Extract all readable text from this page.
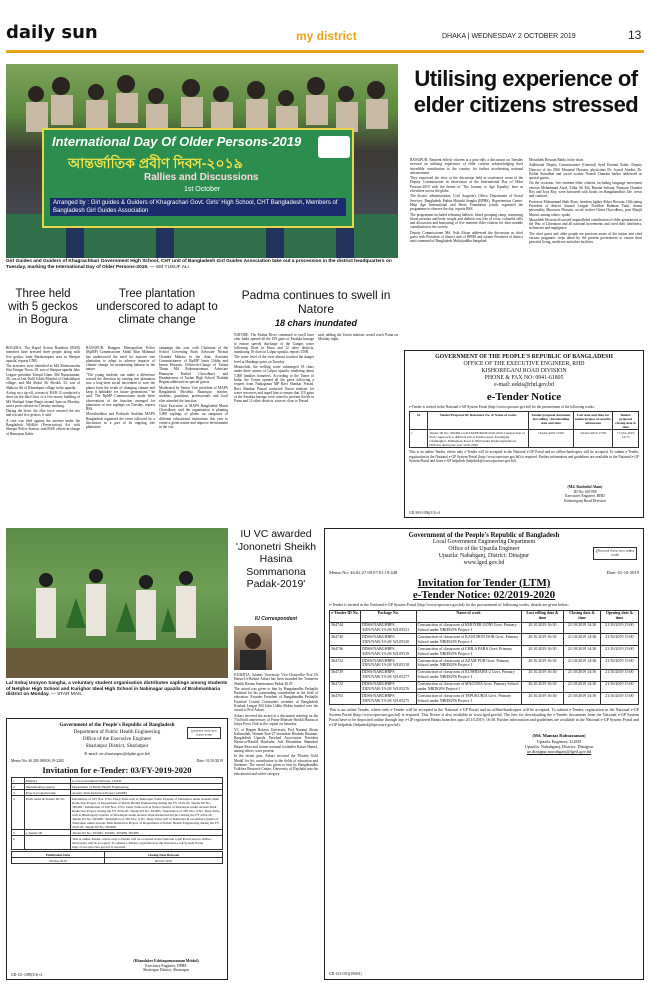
daily sun	my district	DHAKA | WEDNESDAY 2 OCTOBER 2019	13
International Day Of Older Persons-2019
আন্তর্জাতিক প্রবীণ দিবস-২০১৯
Rallies and Discussions
1st October
Arranged by : Girl guides & Guiders of Khagrachari Govt. Girls' High School, CHT Bangladesh, Members of Bangladesh Girl Guides Association
Girl Guides and Guiders of Khagrachhari Government High School, CHT unit of Bangladesh Girl Guides Association take out a procession in the district headquarters on Tuesday, marking the International Day of Older Persons-2019. — SM YUSUF ALI
Utilising experience of elder citizens stressed

RANGPUR: Eminent elderly citizens at a post-rally a discussion on Tuesday stressed on utilising experience of elder citizens acknowledging their incredible contribution to the country for further accelerating national advancement.

They expressed the view at the discussion held at conference room of the Deputy Commissioner in observance of the International Day of Older Persons-2019 with the theme of 'The Journey to Age Equality' here as elsewhere across the globe.

The district administration, Civil Surgeon's Office, Department of Social Services, Bangladesh Prabin Hitaishi Sangha (BPHS), Hypertension Centre, Help Age International and Shere Foundation jointly organised the programme to observe the day, reports BSS.

The programme included releasing balloon, blood grouping camp, measuring blood pressure and body weight and diabetic test free of costs, colourful rally and discussion and honouring of five eminent elder citizens for their notable contribution to the society.

Deputy Commissioner Md. Asib Ahsan addressed the discussion as chief guest with President of district unit of BPHS and former President of district unit command of Bangladesh Muktijoddha Sangshad

Mosaddek Hossain Bablu in the chair.

Additional Deputy Commissioner (General) Syed Enamul Kabir, Deputy Director of the DSS Mosarraf Hossain, physicians Dr. Joynal Abedin, Dr. Probal Sutradhar and social worker Naresh Chandra Sarker addressed as special guests.

On the occasion, five eminent elder citizens, including language movement veteran Mohammad Afzal, Zillur Ali Edi, Basona Sultana, Narayan Chandra Roy and Joya Roy, were honoured with books on Bangabandhu's life, crests and citations.

Professor Mohammad Shah Alam, freedom fighter Abber Hossain, Officiating President of district Journal League Titufikur Rahman Tutul, drama personality Monowar Hossain, social worker Chinu Chowdhury, poet Manjil Murad, among others, spoke.

Mosaddek Hossain discussed unparalleled contribution of elder generations to the War of Liberation and all national movements and cited their loneliness, sicknesses and negligence.

The chief guest and older people are precious assets of the nation and cited various pragmatic steps taken by the present government to ensure their peaceful living, medicare and other facilities.

Three held with 5 geckos in Bogura

BOGURA: The Rapid Action Battalion (RAB) members have arrested three people along with five geckos from Barduarupara area in Sherpur upazila, reports UNB.

The arrestees were identified as Md Shamsuzzoha Situ Teragar Noon, 29, son of Sherpur upazila Jubo League president Tariqul Islam, Md Nuruzzaman, 30, son of late Dalil Uddin Mondal of Chakshibpur village, and Md Abdul Ali Sheikh, 52, son of Shakoor Ali of Khandopur village in the upazila.

Acting on a tip-off, a team of RAB-12 conducted a drive on the third floor of a five-storey building of Md Shafiqul Islam Ranju around 3pm on Monday, said a press release on Tuesday morning.

During the drive, the elite force arrested the trio and rescued five geckos, it said.

A case was filed against the arrestee under the Bangladesh Wildlife (Preservation) Act with Sherpur Police Station, said RAB officer-in-charge of Humayun Kabir.

Tree plantation underscored to adapt to climate change

RANGPUR: Rangpur Metropolitan Police (RpMP) Commissioner Abdul Alim Mahmud has underscored the need for massive tree plantation to adapt to adverse impacts of climate change for maintaining balance in the nature.

"The young students can make a difference toward the direction by turning tree plantation into a long-term social movement to save the planet from the wrath of changing climate and keep it habitable for future generations," he said. The RpMP Commissioner made these observations at the function arranged for plantation of tree saplings on Tuesday, reports BSS.

Moreshatikhar and Porborsh Andolan MAPA Bangladesh organised the event followed by a discussion as a part of its ongoing tree plantation

campaign this year with Chairman of the School Governing Body Advocate Nirmal Chandra Mahato in the chair. Assistant Commissioners of RpMP Jamir Uddin and Imran Hossain, Officer-in-Charge of Tazhat Thana Md. Rokonuzzaman, Advocate Humayun Rashid Chowdhury and Headmistress of Tazhat High School Thahida Begum addressed as special guests.

Moderated by Senior Vice president of MAPA Bangladesh Mosfeka Razzaque, teacher, students, guardians, professionals and local elite attended the function.

Chief Executive of MAPA Bangladesh Munir Chowdhury said the organisation is planting 5,000 saplings of plants on campuses of different educational institutions this year to create a green nature and improve environment in the city.

Padma continues to swell in Natore
18 chars inundated

NATORE: The Padma River continued to swell have after India opened all the 109 gates of Farakka barrage to ensure speedy discharge of the Ganges water following flood in Patna and 12 other districts, inundating 18 chars in Lalpur upazila, reports UNB.

The water level of the river almost touched the danger level at Hardinge point on Tuesday.

Meanwhile, the welling water submerged 18 chars under three unions of Lalpur upazila, rendering about 5,000 families homeless. According to the Times of India, the Centre opened all the gates following a request from Nadjagoum MP Ravi Shankar Prasad. Ravi Shankar Prasad contacted Union minister for water resources and urged him to ensure that 119 gates of the Farakka barrage were raised to prevent floods in Patna and 12 other districts, sources close to Prasad

said, adding the Union minister would reach Patna on Monday night.

GOVERNMENT OF THE PEOPLE'S REPUBLIC OF BANGLADESH
OFFICE OF THE EXECUTIVE ENGINEER, RHD
KISHOREGANJ ROAD DIVISION
PHONE & FAX NO: 0941-61805
e-mail: eekis@rhd.gov.bd
e-Tender Notice
e-Tender is invited in the National e-GP System Portal (http://www.eprocure.gov.bd) for the procurement of the following works.
Sl.	Tender/Proposal ID, Reference No. & Name of works	Tender/proposal document last selling / downloading date and time	Last date and time for tender/propos al security submission	Tender/ proposal closing date & time
1	Tender ID No: 365309 e-GP/LM/EE/KRD/2019-2020 Construction of Ferry Approach at different km of Kishoreganj- Karimganj- Chamtaghat- Mithamoin Road Z-3603 under Kishoreganj Road Division during the year 2019-2020	16-Oct-2019 15:00	16-Oct-2019 17:00	17-Oct-2019 12:15
This is an online Tender, where only e-Tender will be accepted in the National e-GP Portal and no offline/hardcopies will be accepted. To submit e-Tender, registration in the National e-GP System Portal (http://www.eprocure.gov.bd) is required. Further information and guidelines are available in the National e-GP System Portal and from e-GP helpdesk (helpdesk@www.eprocure.gov.bd).
(Md. Rashedul Alam)
ID No: 601958
Executive Engineer, RHD
Kishoreganj Road Division
GD-309-1056(3/3)+4
Lal Sobuj Unnyon Sangha, a voluntary student organisation distributes saplings among students of Netghor High School and Kurighor Ideal High School in Nabinagar upazila of Brahmanbaria district on Monday. — STAR MAIL
IU VC awarded 'Jononetri Sheikh Hasina Sommanona Padak-2019'
IU Correspondent

KUSHTIA: Islamic University Vice-Chancellor Prof Dr Harun-Ur-Rashid Askari has been awarded the 'Jononetri Sheikh Hasina Sommanona Padak-2019'.

The award was given to him by Bangabandhu Peshajibi Parishad for his outstanding contribution in the field of education. Founder President of Bangabandhu Peshajibi Parishad Central Committee, member of Bangladesh Krishak League Md Jahir Uddin Mohin handed over the award to Prof Askari.

Askari received the award at a discussion meeting on the 73rd birth anniversary of Prime Minister Sheikh Hasina at Jatiya Press Club in the capital on Saturday.

VC of Begum Rokeya University Prof Nazmul Ahsan Kalimullah, Women Seat-27 lawmaker Khaleda Khanam, Bangladesh Upazila Parishad Association President Harun-ur-Rashid Hawlader, Adv Khandakar Shamshul Haque Reza and former national footballer Kaiser Hamid, among others, were present.

In the recent past, Askari received the 'Ekushe Gold Medal' for his contribution to the fields of education and literature. The award was given to him by Bangabandhu Folklore Research Centre, University of Rajshahi into the educational and writer category.

Government of the People's Republic of Bangladesh
Local Government Engineering Department
Office of the Upazila Engineer
Upazila: Nababganj, District: Dinajpur
www.lged.gov.bd
মুজিববর্ষে সবার জন্য রাস্তার ব্যবস্থা
Memo No: 46.02.27.69.07.01.19.448	Date: 01-10-2019
Invitation for Tender (LTM)
e-Tender Notice: 02/2019-2020
e-Tender is invited in the National e-GP System Portal (http://www.eprocure.gov.bd) for the procurement of following works, details are given below:
e-Tender ID No.	Package No.	Name of work	Last selling date & time	Closing date & time	Opening date & time
364744	DDSS/NABGHRPS /DIN/NAW/19-20/ WL05521	Construction of classroom of KHOYER GONI Govt. Primary School under NBIDGPS Project-1	20.10.2019 16:30	21/10/2019 14:30	21/10/2019 15:00
364740	DDSS/NABGHRPS /DIN/NAW/19-20/ WL05520	Construction of classroom of KANCHON DOB Govt. Primary School under NBIDGPS Project-1	20.10.2019 16:30	21/10/2019 14:30	21/10/2019 15:00
364736	DDSS/NABGHRPS /DIN/NAW/19-20/ WL05519	Construction of classroom of CHILA PARA Govt. Primary School under NBIDGPS Project-1	20.10.2019 16:30	21/10/2019 14:30	21/10/2019 15:00
364732	DDSS/NABGHRPS /DIN/NAW/19-20/ WL05518	Construction of classroom of AZAM PUR Govt. Primary School under NBIDGPS Project-1	20.10.2019 16:30	21/10/2019 14:30	21/10/2019 15:00
364729	DDSS/NABGHRPS /DIN/NAW/19-20/ WL05277	Construction of classroom of KUSHDAHA-2 Govt. Primary School under NBIDGPS Project-1	20.10.2019 16:30	21/10/2019 14:30	21/10/2019 15:00
364722	DDSS/NABGHRPS /DIN/NAW/19-20/ WL05276	Construction of classroom of MAGURA Govt. Primary School under NBIDGPS Project-1	20.10.2019 16:30	21/10/2019 14:30	21/10/2019 15:00
364703	DDSS/NABGHRPS /DIN/NAW/19-20/ WL05275	Construction of classroom of TEPUKURIA Govt. Primary School under NBIDGPS Project-1	20.10.2019 16:30	21/10/2019 14:30	21/10/2019 15:00
This is an online Tender, where only e-Tender will be accepted in the National e-GP Portal and no offline/hardcopies will be accepted. To submit e-Tender, registration in the National e-GP System Portal (http://www.eprocure.gov.bd) is required. This Notice is also available in www.lged.gov.bd. The fees for downloading the e-Tender documents from the National e-GP System Portal have to be deposited online through any e-GP registered Banks branches upto 20.10.2019; 16:30. Further information and guidelines are available in the National e-GP System Portal and e-GP helpdesk (helpdesk@eprocure.gov.bd).
(Md. Mamtaz Ruhuzzaman)
Upazila Engineer, LGED
Upazila: Nababganj, District: Dinajpur
ue.dinajpur.nawabganj@lged.gov.bd
GD-123-1951(1969/4)
Government of the People's Republic of Bangladesh
Department of Public Health Engineering
Office of the Executive Engineer
Shariatpur District, Shariatpur
E-mail: ee.shariatpur@dphe.gov.bd
মুজিববর্ষে সবার জন্য রাস্তার ব্যবস্থা
Memo No: 46.280.088.06.19-2282	Date: 01/10/2019
Invitation for e-Tender: 03/FY-2019-2020
1	Ministry	Local Government Division, LGRD
2	Implementing agency	Department of Public Health Engineering
3	Project/program name	Arsenic Risk Reduction Project (ARRP)
4	Work name & Tender ID No.	Installation of 195 Nos. 6 No. Deep Tube-well at Shariatpur Sadar Upazila of Shariatpur under Arsenic Risk Reduction Project of Department of Public Health Engineering during the FY 2019-20. Tender ID No: 365483 / Installation of 220 Nos. 6 No. Deep Tube-well at Naria Upazila of Shariatpur under Arsenic Risk Reduction Project during the FY 2019-20. Tender ID No: 365485 / Installation of 205 Nos. 6 No. Deep Tube-well at Bhedarganj Upazila of Shariatpur under Arsenic Risk Reduction Project during the FY 2019-20. Tender ID No: 365488 / Installation of 265 Nos. 6 No. Deep Tube-well at Damudya & Gosairhat Upazila of Shariatpur under Arsenic Risk Reduction Project of Department of Public Health Engineering during the FY 2019-20. Tender ID No: 365489
5	e-Tender ID	Tender ID No: 365483, 365485, 365488, 365489
6		This is online Tender, where only e-Tender will be accepted in the National e-GP Portal and no offline / hardcopies will be accepted. To submit e-Tender, registration in the National e-GP System Portal http://www.eprocure.gov.bd is required.
Publication Date	Closing Date Between
29-Sep-2019	20-Oct-2019
(Khandaker Eshtiaqueuzzaman Mridul)
Executive Engineer, DPHE
Shariatpur District, Shariatpur
GD-121-1089(3/4)+4
